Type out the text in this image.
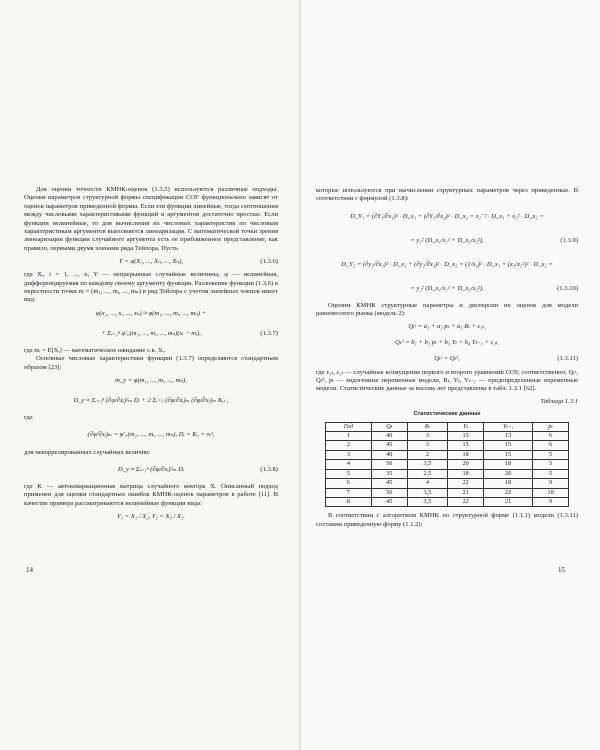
Для оценки точности КМНК-оценок (1.3.5) используются различные подходы. Оценки параметров структурной формы спецификации СОУ функционально зависят от оценок параметров приведенной формы. Если эти функции линейные, тогда соотношения между числовыми характеристиками функций и аргументов достаточно простые. Если функции нелинейные, то для вычисления их числовых характеристик по числовым характеристикам аргументов выполняется линеаризация. С математической точки зрения линеаризация функции случайного аргумента есть ее приближенное представление, как правило, первыми двумя членами ряда Тейлора. Пусть

Y = φ(X₁, ..., Xₙ, ..., Xₙ),	(1.3.6)

где Xᵢ, i = 1, ..., n, Y — непрерывные случайные величины, φ — нелинейная, дифференцируемая по каждому своему аргументу функция. Разложение функции (1.3.6) в окрестности точки m = (m₁, ..., mᵢ, ..., mₙ) в ряд Тейлора с учетом линейных членов имеет вид:

φ(x₁, ..., xᵢ, ..., xₙ) ≈ φ(m₁, ..., mᵢ, ..., mₙ) +
+ Σᵢ₌₁ⁿ φ′ₓᵢ(m₁, ..., mᵢ, ..., mₙ)(xᵢ − mᵢ),	(1.3.7)

где mᵢ = E[Xᵢ] — математическое ожидание с.в. Xᵢ.

Основные числовые характеристики функции (1.3.7) определяются стандартным образом [23]:

m_y = φ(m₁, ..., mᵢ, ..., mₙ),
D_y ≈ Σᵢ₌₁ⁿ (∂φ/∂xᵢ)²ₘ Dᵢ + 2 Σᵢ<ⱼ (∂φ/∂xᵢ)ₘ (∂φ/∂xⱼ)ₘ Kᵢⱼ ,

где

(∂φ/∂xᵢ)ₘ = φ′ₓᵢ(m₁, ..., mᵢ, ..., mₙ), Dᵢ = Kᵢᵢ = σᵢ²,

для некоррелированных случайных величин:

D_y ≈ Σᵢ₌₁ⁿ (∂φ/∂xᵢ)²ₘ Dᵢ	(1.3.8)

где K — автоковариационная матрица случайного вектора X. Описанный подход применен для оценки стандартных ошибок КМНК-оценок параметров в работе [11]. В качестве примера рассматриваются нелинейные функции вида:

Y₁ = X₁ / X₂, Y₂ = X₃ / X₂.
14

которые используются при вычислении структурных параметров через приведенные. В соответствии с формулой (1.3.8):

D_Y₁ = (∂Y₁/∂x₁)² · D_x₁ + (∂Y₁/∂x₂)² · D_x₂ = x₂⁻² · D_x₁ + x₁² · D_x₂ =
= y₁² (D_x₁/x₁² + D_x₂/x₂²),	(1.3.9)
D_Y₂ = (∂y₂/∂x₁)² · D_x₁ + (∂y₂/∂x₂)² · D_x₂ = (1/x₂)² · D_x₁ + (x₁/x₂²)² · D_x₂ =
= y₂² (D_x₁/x₁² + D_x₂/x₂²).	(1.3.10)

Оценим КМНК структурные параметры и дисперсии их оценок для модели равновесного рынка (модель 2):

Qₜˢ = a₁ + a₂ pₜ + a₃ Rₜ + ε₁ₜ,
Qₜᵈ = b₁ + b₂ pₜ + b₃ Yₜ + b₄ Yₜ₋₁ + ε₂ₜ,
Qₜˢ = Qₜᵈ,	(1.3.11)

где ε₁ₜ, ε₂ₜ — случайные возмущения первого и второго уравнений СОУ, соответственно; Qₜˢ, Qₜᵈ, pₜ — эндогенные переменные модели, Rₜ, Yₜ, Yₜ₋₁ — предопределенные переменные модели. Статистические данные за восемь лет представлены в табл. 1.3.1 [62].

Таблица 1.3.1

Статистические данные

Год	Qₜ	Rₜ	Yₜ	Yₜ₋₁	pₜ
1	40	3	15	13	6
2	45	3	15	15	6
3	40	2	18	15	5
4	50	3,5	20	18	5
5	35	2,5	18	20	5
6	45	4	22	18	9
7	50	3,5	21	22	10
8	45	3,5	22	21	9

В соответствии с алгоритмом КМНК по структурной форме (1.1.1) модели (1.3.11) составим приведенную форму (1.1.2):

15
